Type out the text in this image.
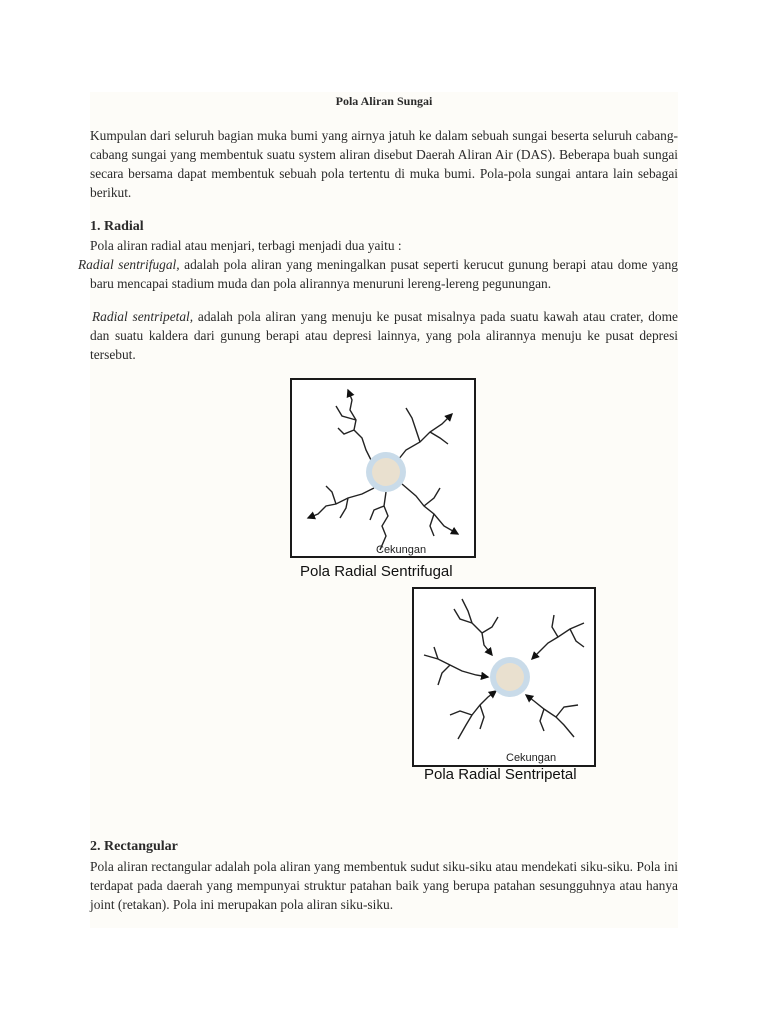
Pola Aliran Sungai
Kumpulan dari seluruh bagian muka bumi yang airnya jatuh ke dalam sebuah sungai beserta seluruh cabang-cabang sungai yang membentuk suatu system aliran disebut Daerah Aliran Air (DAS). Beberapa buah sungai secara bersama dapat membentuk sebuah pola tertentu di muka bumi. Pola-pola sungai antara lain sebagai berikut.
1. Radial
Pola aliran radial atau menjari, terbagi menjadi dua yaitu :
Radial sentrifugal, adalah pola aliran yang meningalkan pusat seperti kerucut gunung berapi atau dome yang baru mencapai stadium muda dan pola alirannya menuruni lereng-lereng pegunungan.
Radial sentripetal, adalah pola aliran yang menuju ke pusat misalnya pada suatu kawah atau crater, dome dan suatu kaldera dari gunung berapi atau depresi lainnya, yang pola alirannya menuju ke pusat depresi tersebut.
Cekungan
Pola Radial Sentrifugal
Cekungan
Pola Radial Sentripetal
2. Rectangular
Pola aliran rectangular adalah pola aliran yang membentuk sudut siku-siku atau mendekati siku-siku. Pola ini terdapat pada daerah yang mempunyai struktur patahan baik yang berupa patahan sesungguhnya atau hanya joint (retakan). Pola ini merupakan pola aliran siku-siku.
